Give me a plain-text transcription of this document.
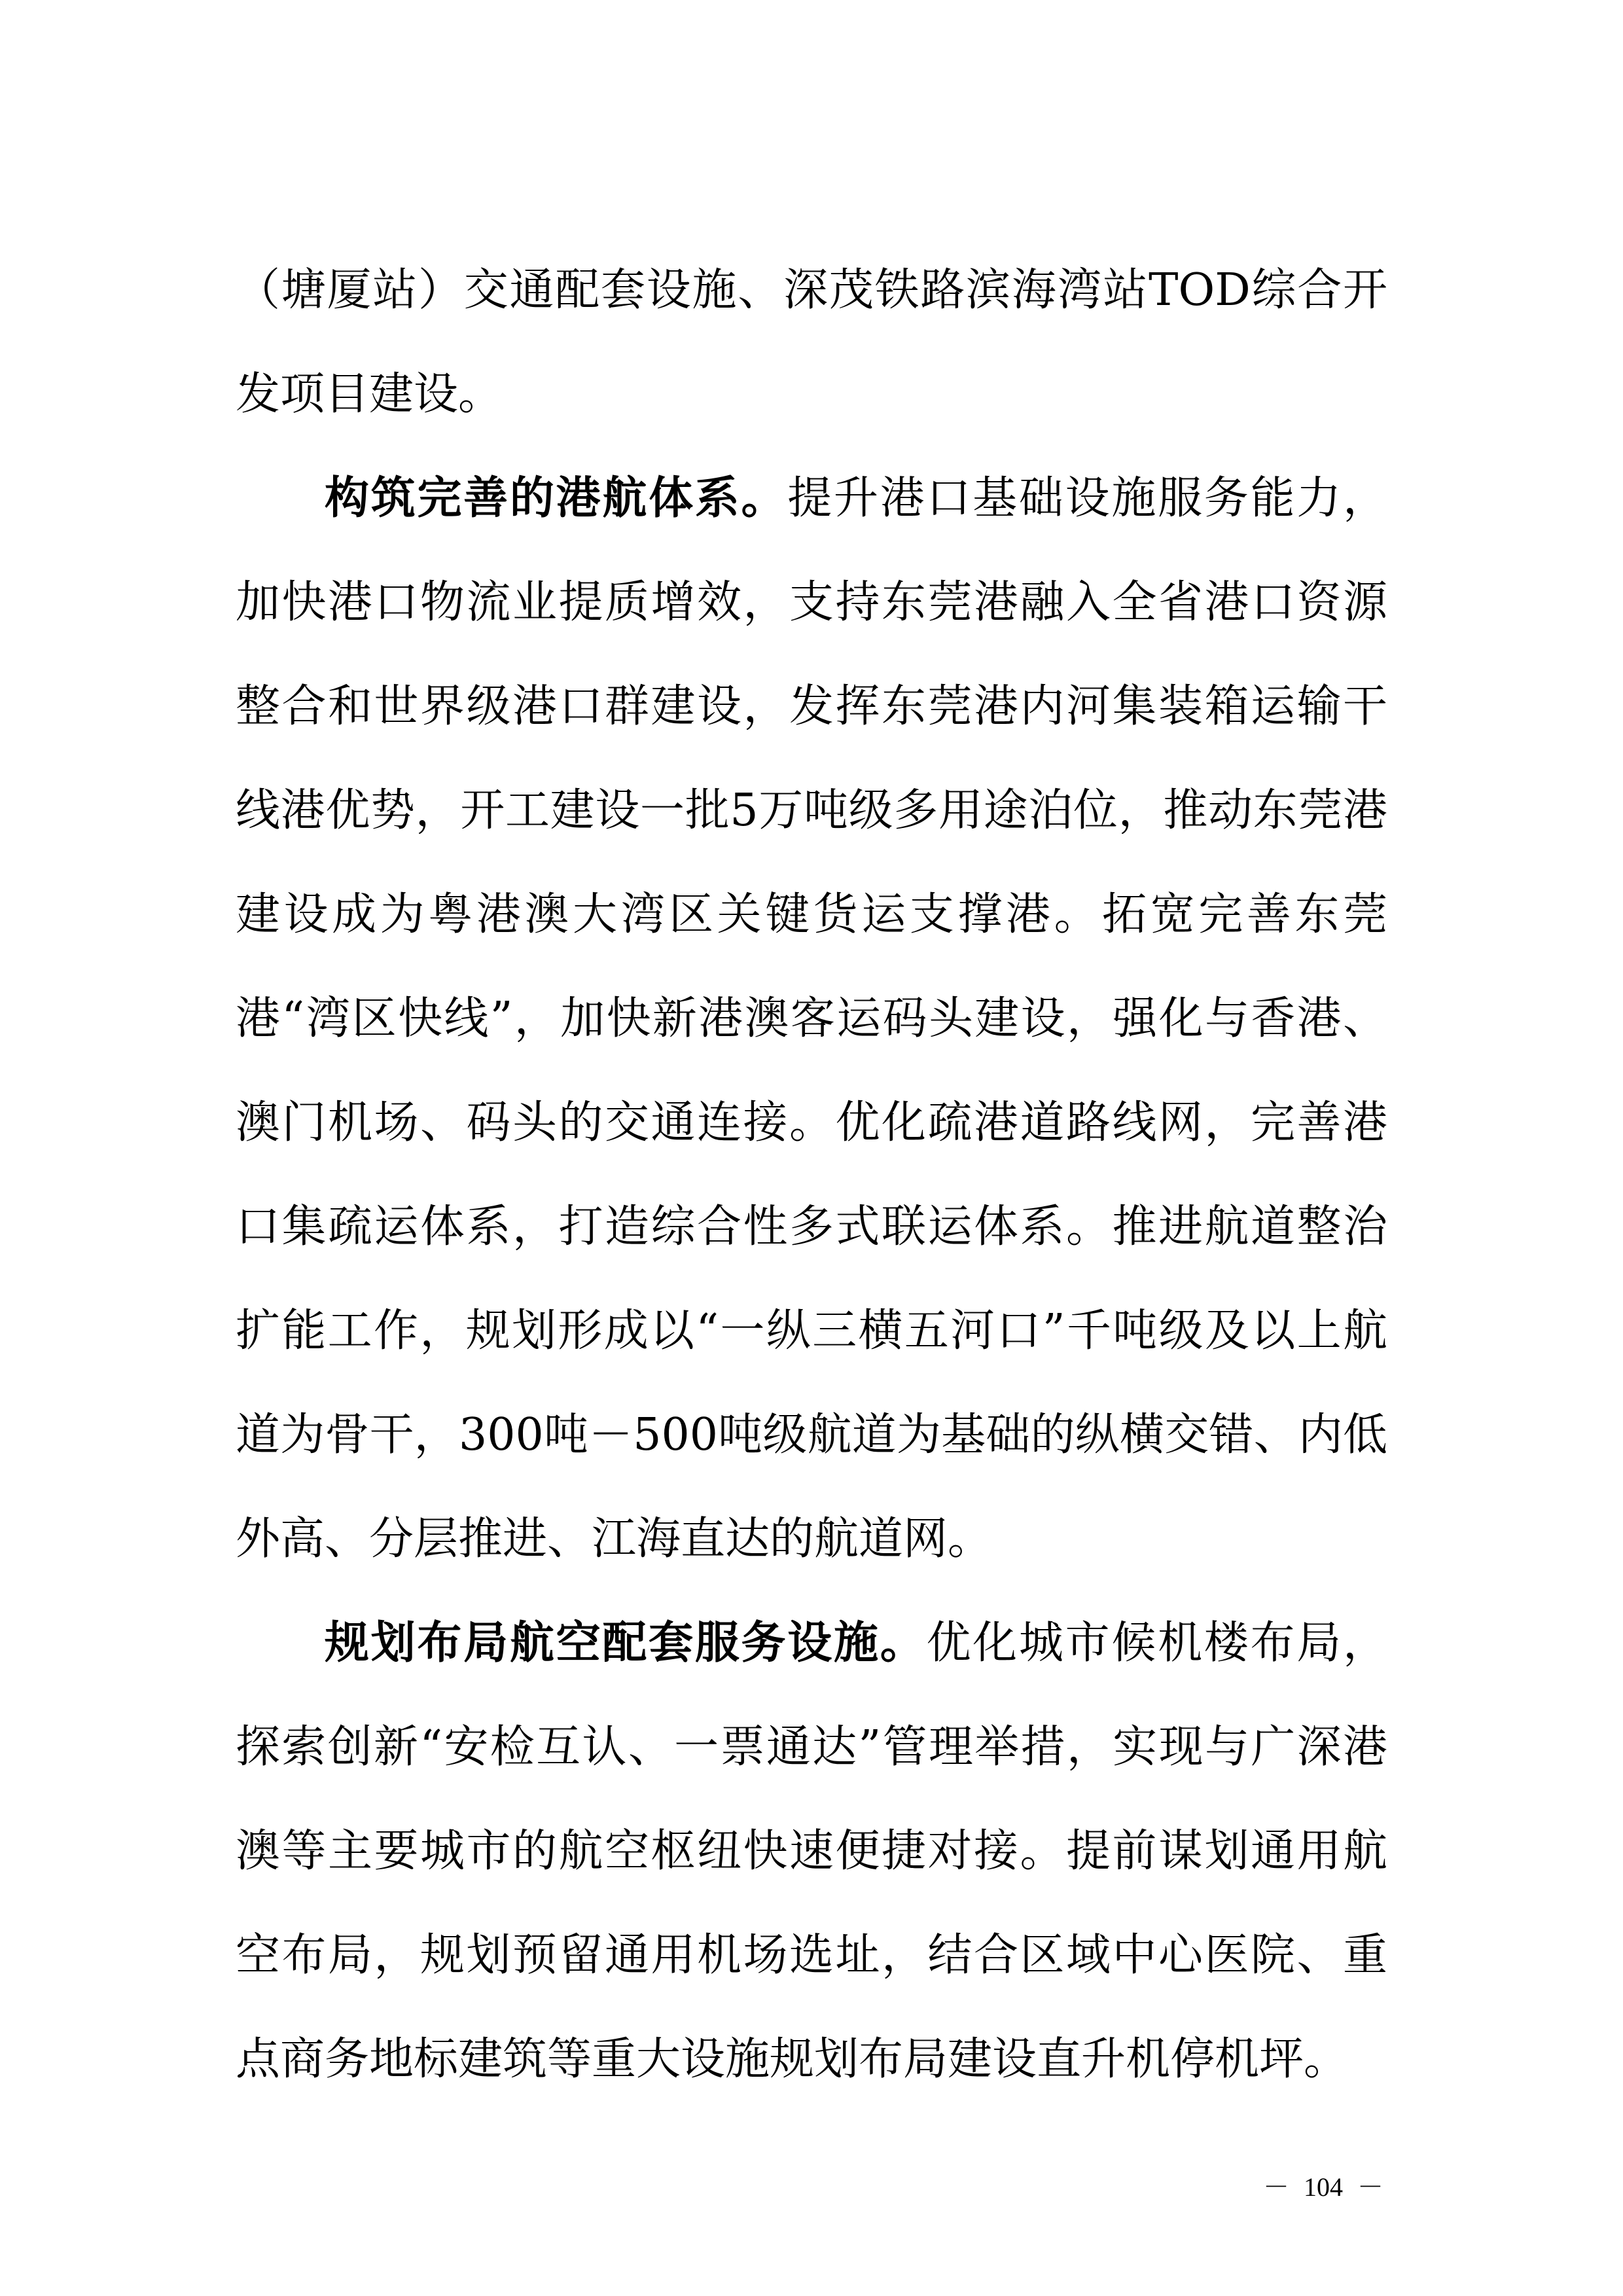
（塘厦站）交通配套设施、深茂铁路滨海湾站TOD综合开发项目建设。

构筑完善的港航体系。提升港口基础设施服务能力，加快港口物流业提质增效，支持东莞港融入全省港口资源整合和世界级港口群建设，发挥东莞港内河集装箱运输干线港优势，开工建设一批5万吨级多用途泊位，推动东莞港建设成为粤港澳大湾区关键货运支撑港。拓宽完善东莞港“湾区快线”，加快新港澳客运码头建设，强化与香港、澳门机场、码头的交通连接。优化疏港道路线网，完善港口集疏运体系，打造综合性多式联运体系。推进航道整治扩能工作，规划形成以“一纵三横五河口”千吨级及以上航道为骨干，300吨－500吨级航道为基础的纵横交错、内低外高、分层推进、江海直达的航道网。

规划布局航空配套服务设施。优化城市候机楼布局，探索创新“安检互认、一票通达”管理举措，实现与广深港澳等主要城市的航空枢纽快速便捷对接。提前谋划通用航空布局，规划预留通用机场选址，结合区域中心医院、重点商务地标建筑等重大设施规划布局建设直升机停机坪。

－ 104 －
